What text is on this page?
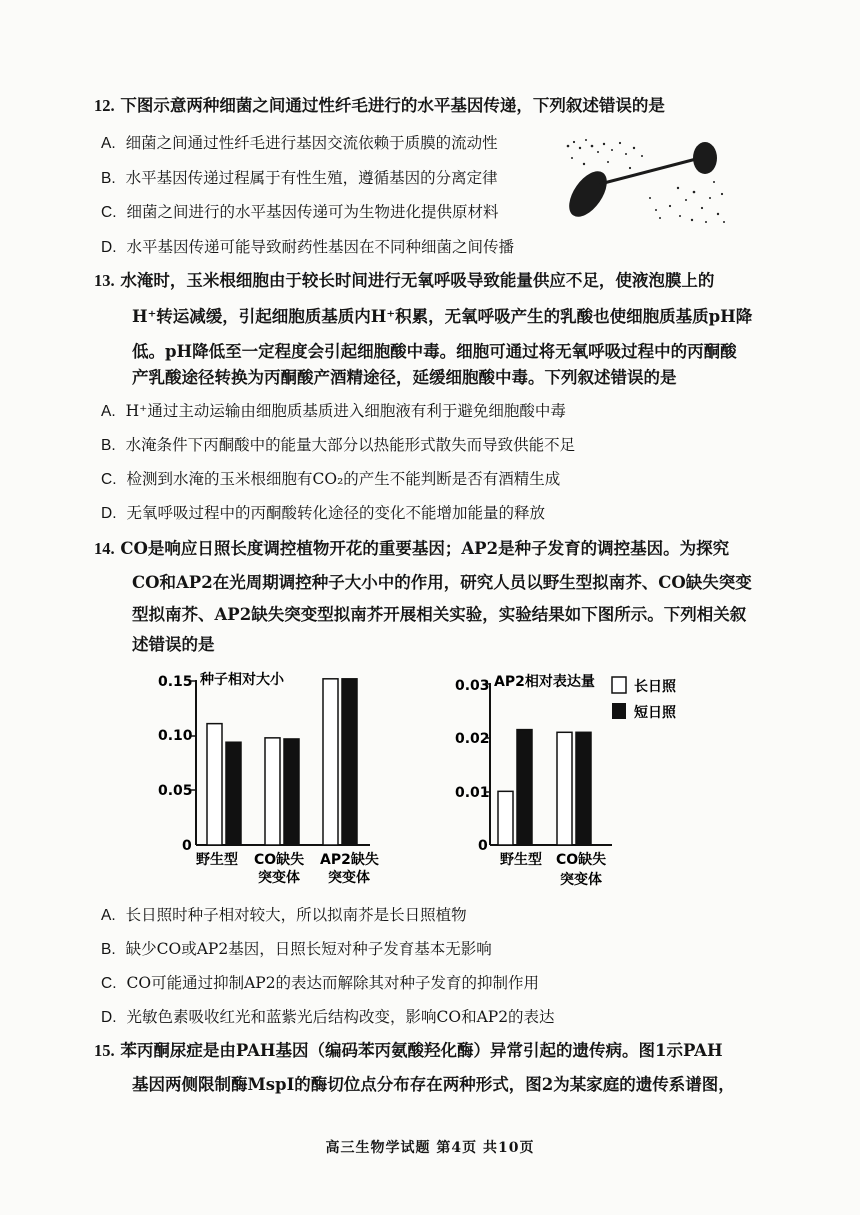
12. 下图示意两种细菌之间通过性纤毛进行的水平基因传递，下列叙述错误的是
A. 细菌之间通过性纤毛进行基因交流依赖于质膜的流动性
B. 水平基因传递过程属于有性生殖，遵循基因的分离定律
C. 细菌之间进行的水平基因传递可为生物进化提供原材料
D. 水平基因传递可能导致耐药性基因在不同种细菌之间传播
13. 水淹时，玉米根细胞由于较长时间进行无氧呼吸导致能量供应不足，使液泡膜上的
H⁺转运减缓，引起细胞质基质内H⁺积累，无氧呼吸产生的乳酸也使细胞质基质pH降
低。pH降低至一定程度会引起细胞酸中毒。细胞可通过将无氧呼吸过程中的丙酮酸
产乳酸途径转换为丙酮酸产酒精途径，延缓细胞酸中毒。下列叙述错误的是
A. H⁺通过主动运输由细胞质基质进入细胞液有利于避免细胞酸中毒
B. 水淹条件下丙酮酸中的能量大部分以热能形式散失而导致供能不足
C. 检测到水淹的玉米根细胞有CO₂的产生不能判断是否有酒精生成
D. 无氧呼吸过程中的丙酮酸转化途径的变化不能增加能量的释放
14. CO是响应日照长度调控植物开花的重要基因；AP2是种子发育的调控基因。为探究
CO和AP2在光周期调控种子大小中的作用，研究人员以野生型拟南芥、CO缺失突变
型拟南芥、AP2缺失突变型拟南芥开展相关实验，实验结果如下图所示。下列相关叙
述错误的是
0.15
0.10
0.05
0
种子相对大小
野生型 CO缺失
突变体
AP2缺失
突变体
0.03
0.02
0.01
0
AP2相对表达量
野生型 CO缺失
突变体
长日照
短日照
A. 长日照时种子相对较大，所以拟南芥是长日照植物
B. 缺少CO或AP2基因，日照长短对种子发育基本无影响
C. CO可能通过抑制AP2的表达而解除其对种子发育的抑制作用
D. 光敏色素吸收红光和蓝紫光后结构改变，影响CO和AP2的表达
15. 苯丙酮尿症是由PAH基因（编码苯丙氨酸羟化酶）异常引起的遗传病。图1示PAH
基因两侧限制酶MspI的酶切位点分布存在两种形式，图2为某家庭的遗传系谱图，
高三生物学试题 第4页 共10页
